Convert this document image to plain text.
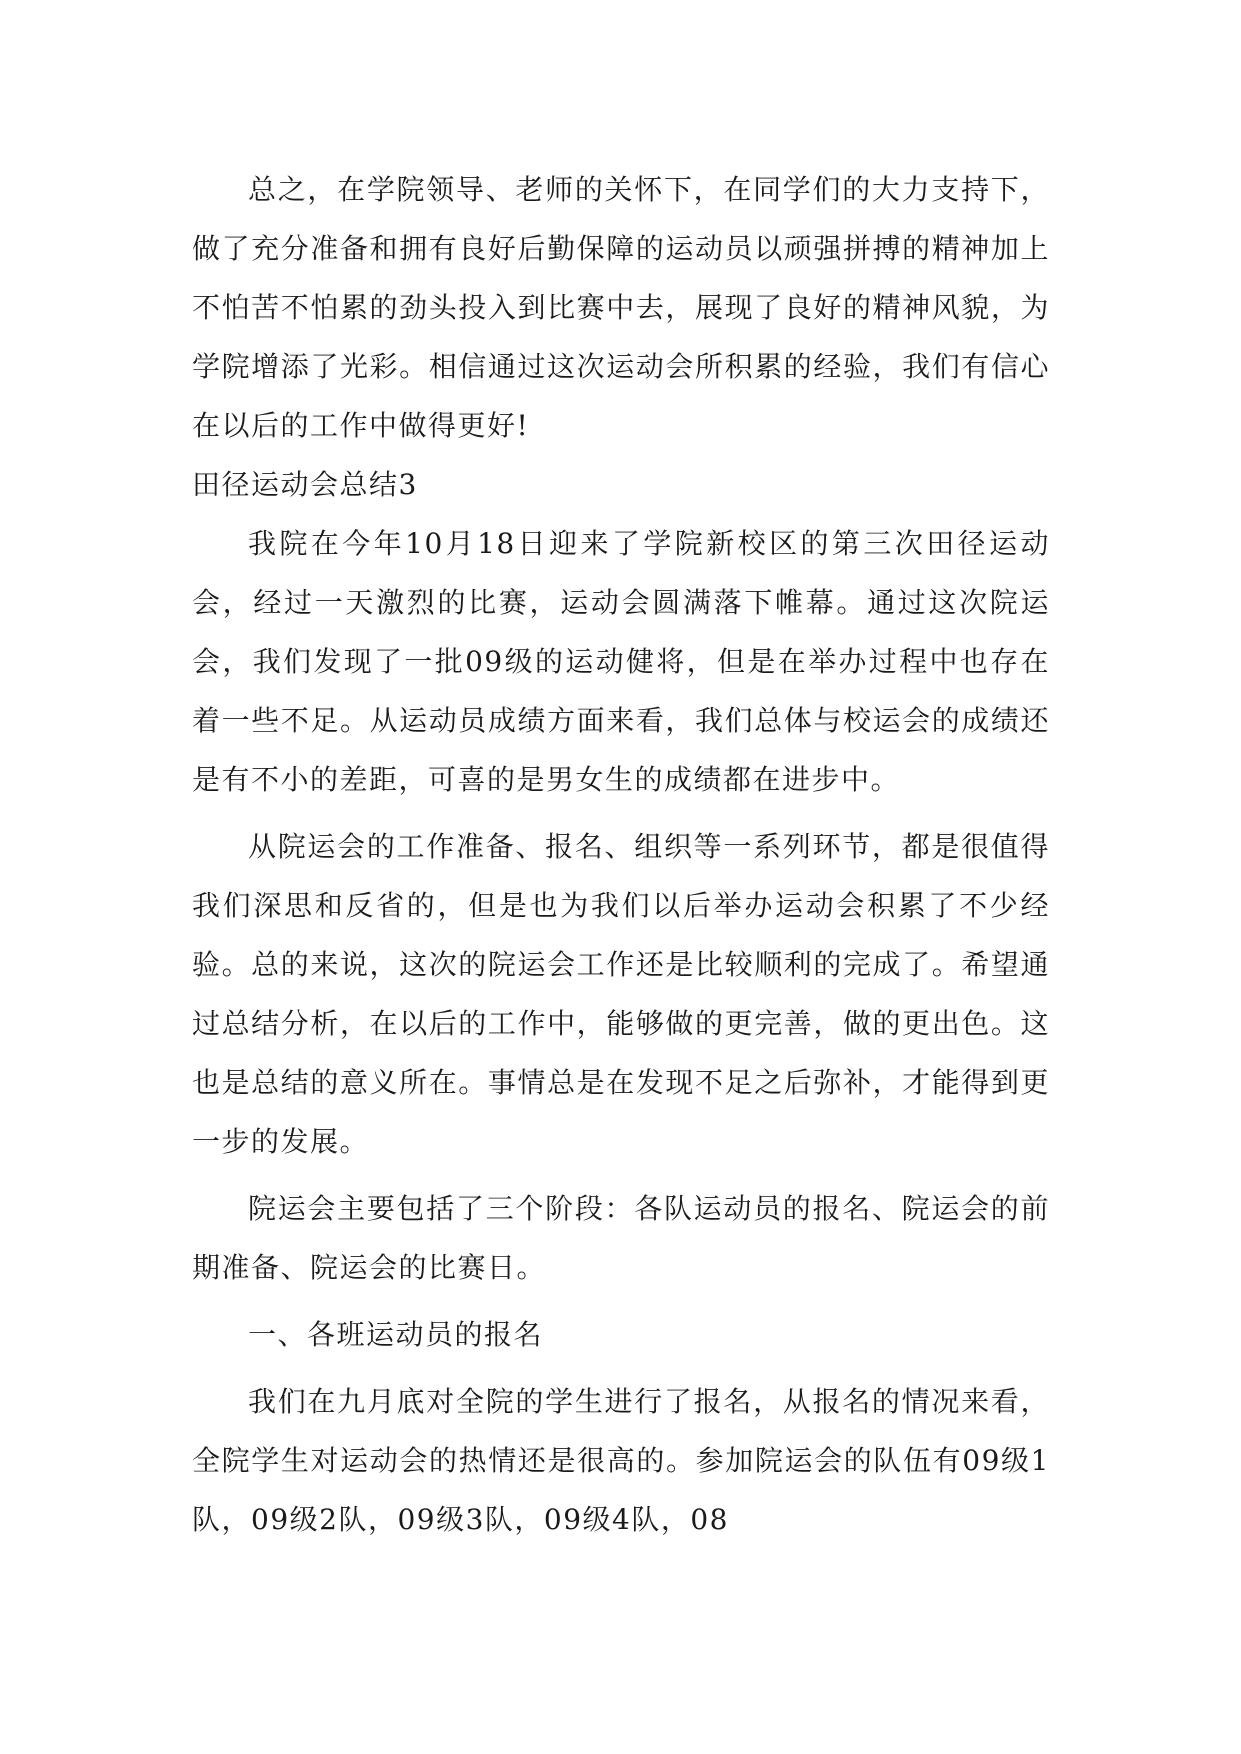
总之，在学院领导、老师的关怀下，在同学们的大力支持下，做了充分准备和拥有良好后勤保障的运动员以顽强拼搏的精神加上不怕苦不怕累的劲头投入到比赛中去，展现了良好的精神风貌，为学院增添了光彩。相信通过这次运动会所积累的经验，我们有信心在以后的工作中做得更好!

田径运动会总结3

我院在今年10月18日迎来了学院新校区的第三次田径运动会，经过一天激烈的比赛，运动会圆满落下帷幕。通过这次院运会，我们发现了一批09级的运动健将，但是在举办过程中也存在着一些不足。从运动员成绩方面来看，我们总体与校运会的成绩还是有不小的差距，可喜的是男女生的成绩都在进步中。

从院运会的工作准备、报名、组织等一系列环节，都是很值得我们深思和反省的，但是也为我们以后举办运动会积累了不少经验。总的来说，这次的院运会工作还是比较顺利的完成了。希望通过总结分析，在以后的工作中，能够做的更完善，做的更出色。这也是总结的意义所在。事情总是在发现不足之后弥补，才能得到更一步的发展。

院运会主要包括了三个阶段：各队运动员的报名、院运会的前期准备、院运会的比赛日。

一、各班运动员的报名

我们在九月底对全院的学生进行了报名，从报名的情况来看，全院学生对运动会的热情还是很高的。参加院运会的队伍有09级1队，09级2队，09级3队，09级4队，08
